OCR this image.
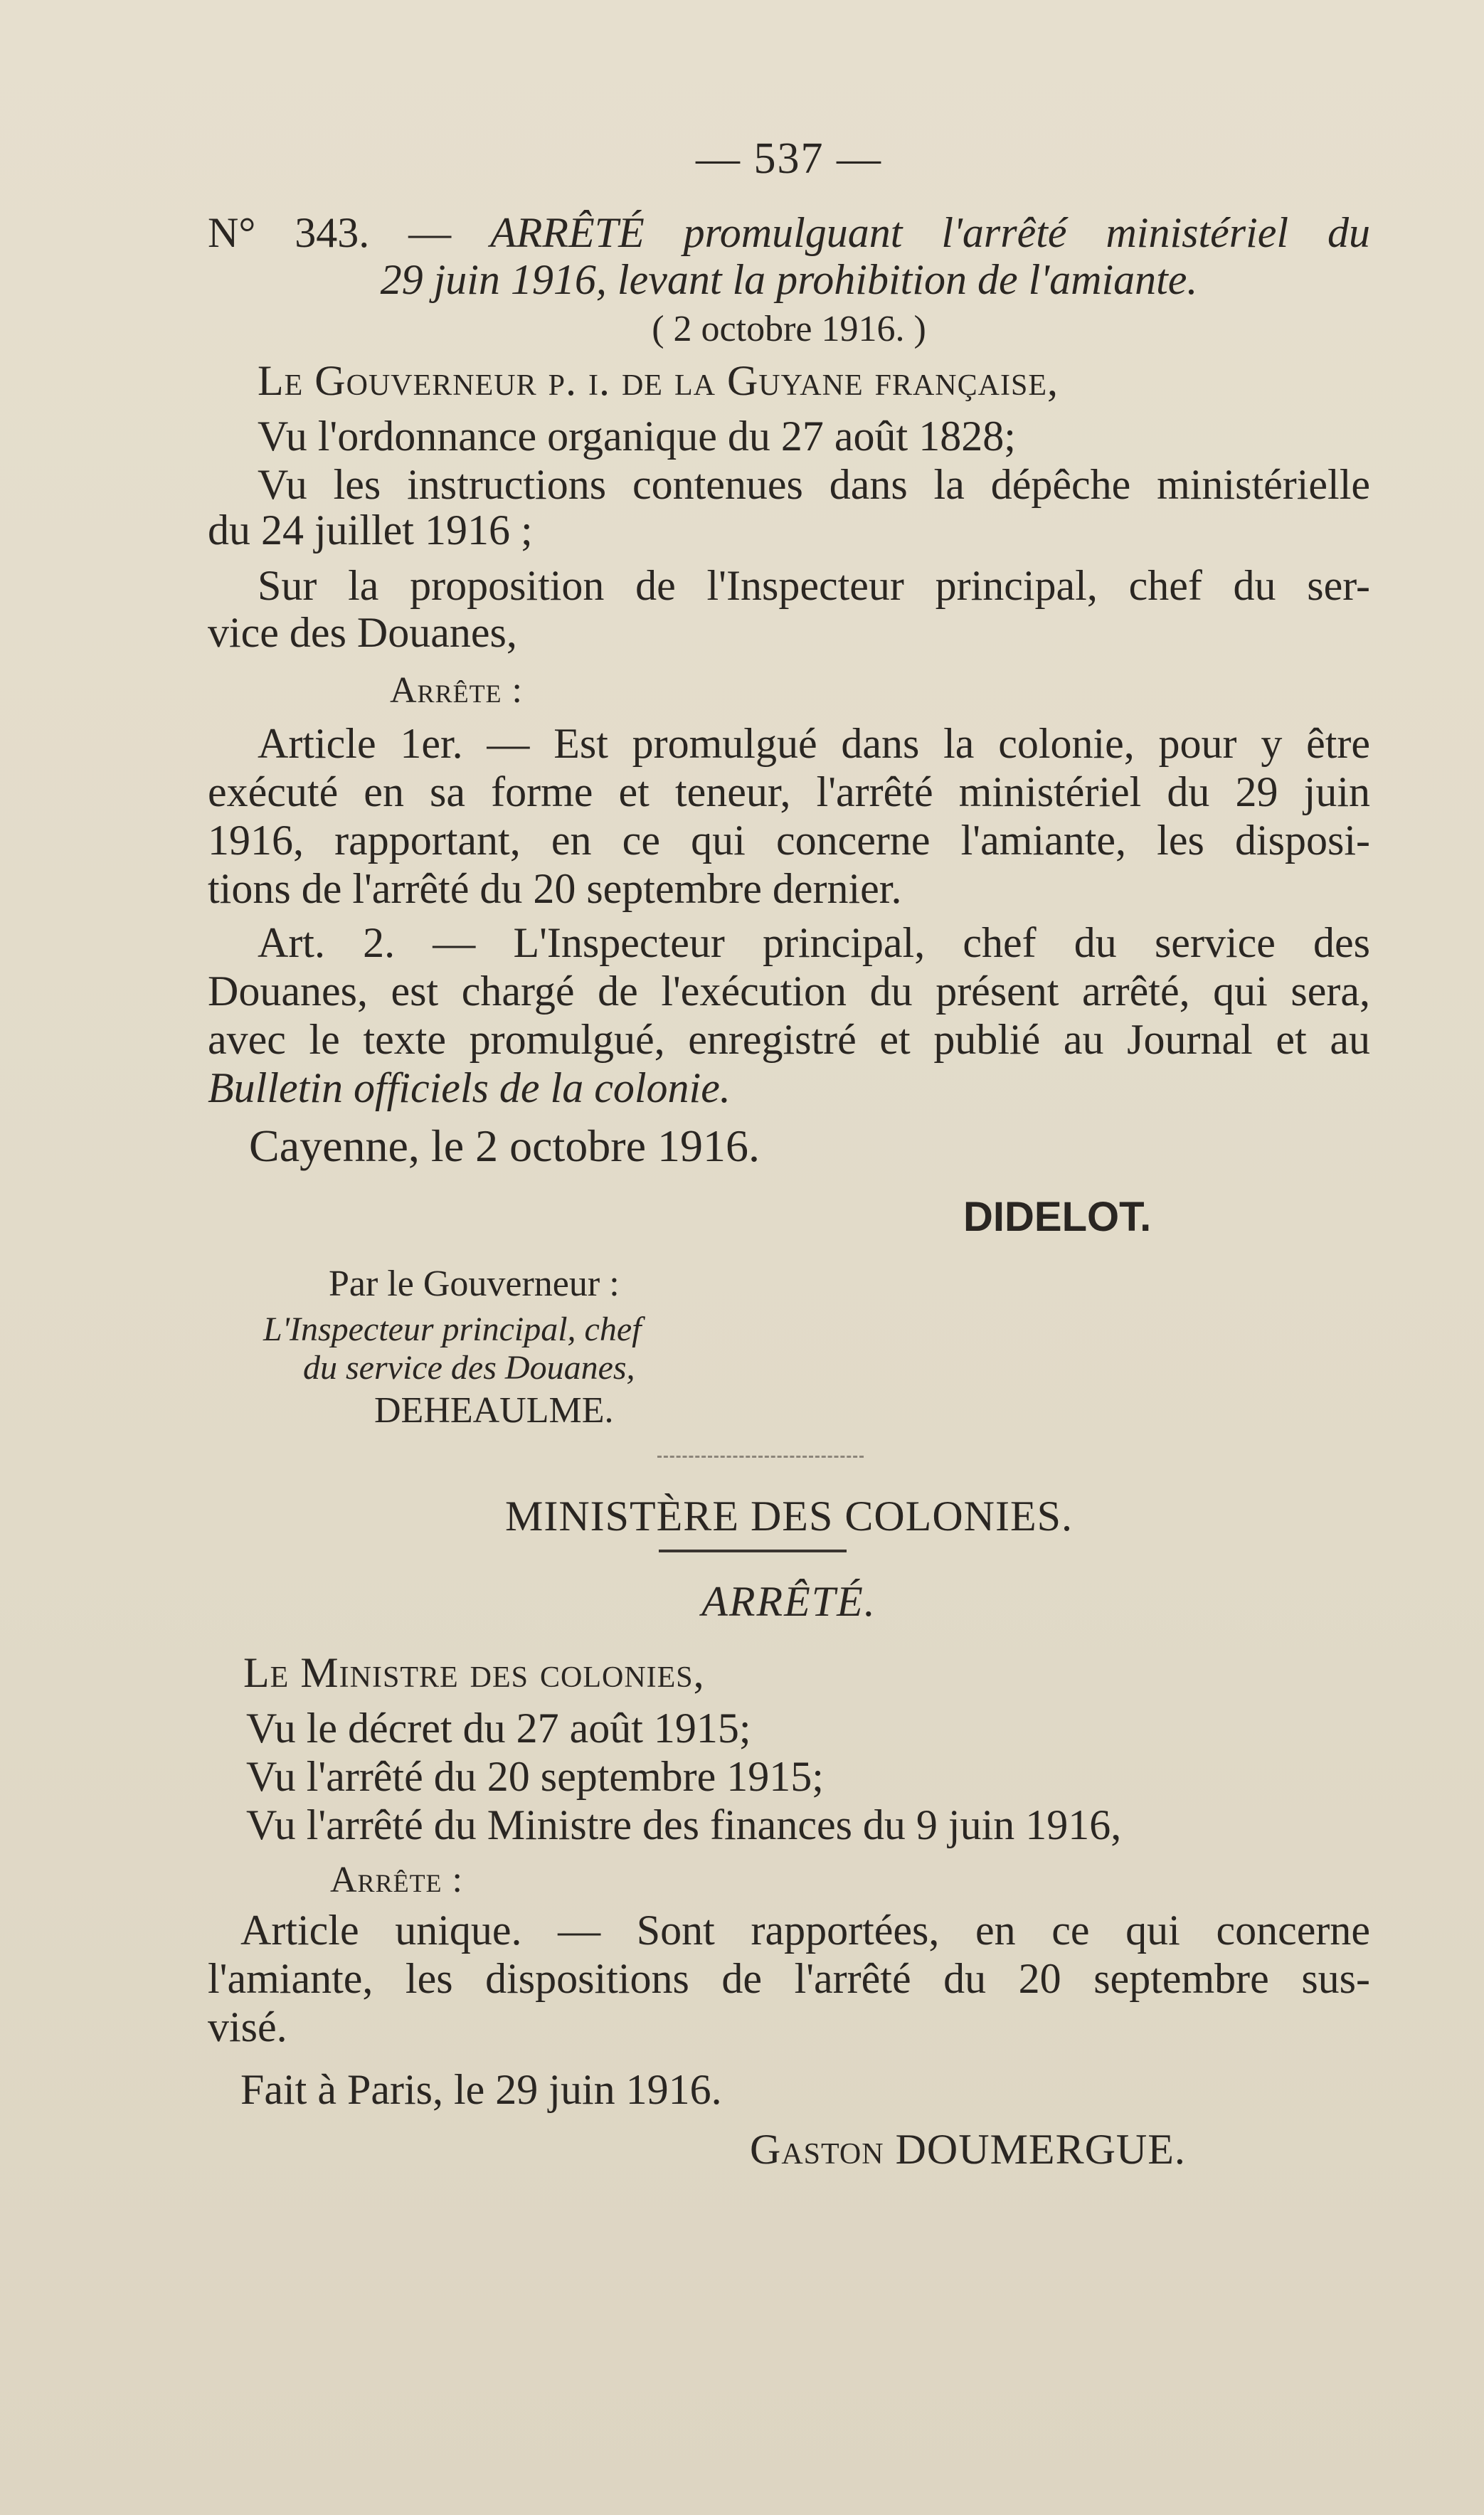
— 537 —
N° 343. — ARRÊTÉ promulguant l'arrêté ministériel du
29 juin 1916, levant la prohibition de l'amiante.
( 2 octobre 1916. )
Le Gouverneur p. i. de la Guyane française,
Vu l'ordonnance organique du 27 août 1828;
Vu les instructions contenues dans la dépêche ministérielle
du 24 juillet 1916 ;
Sur la proposition de l'Inspecteur principal, chef du ser-
vice des Douanes,
Arrête :
Article 1er. — Est promulgué dans la colonie, pour y être
exécuté en sa forme et teneur, l'arrêté ministériel du 29 juin
1916, rapportant, en ce qui concerne l'amiante, les disposi-
tions de l'arrêté du 20 septembre dernier.
Art. 2. — L'Inspecteur principal, chef du service des
Douanes, est chargé de l'exécution du présent arrêté, qui sera,
avec le texte promulgué, enregistré et publié au Journal et au
Bulletin officiels de la colonie.
Cayenne, le 2 octobre 1916.
DIDELOT.
Par le Gouverneur :
L'Inspecteur principal, chef
du service des Douanes,
DEHEAULME.
MINISTÈRE DES COLONIES.
ARRÊTÉ.
Le Ministre des colonies,
Vu le décret du 27 août 1915;
Vu l'arrêté du 20 septembre 1915;
Vu l'arrêté du Ministre des finances du 9 juin 1916,
Arrête :
Article unique. — Sont rapportées, en ce qui concerne
l'amiante, les dispositions de l'arrêté du 20 septembre sus-
visé.
Fait à Paris, le 29 juin 1916.
Gaston DOUMERGUE.
